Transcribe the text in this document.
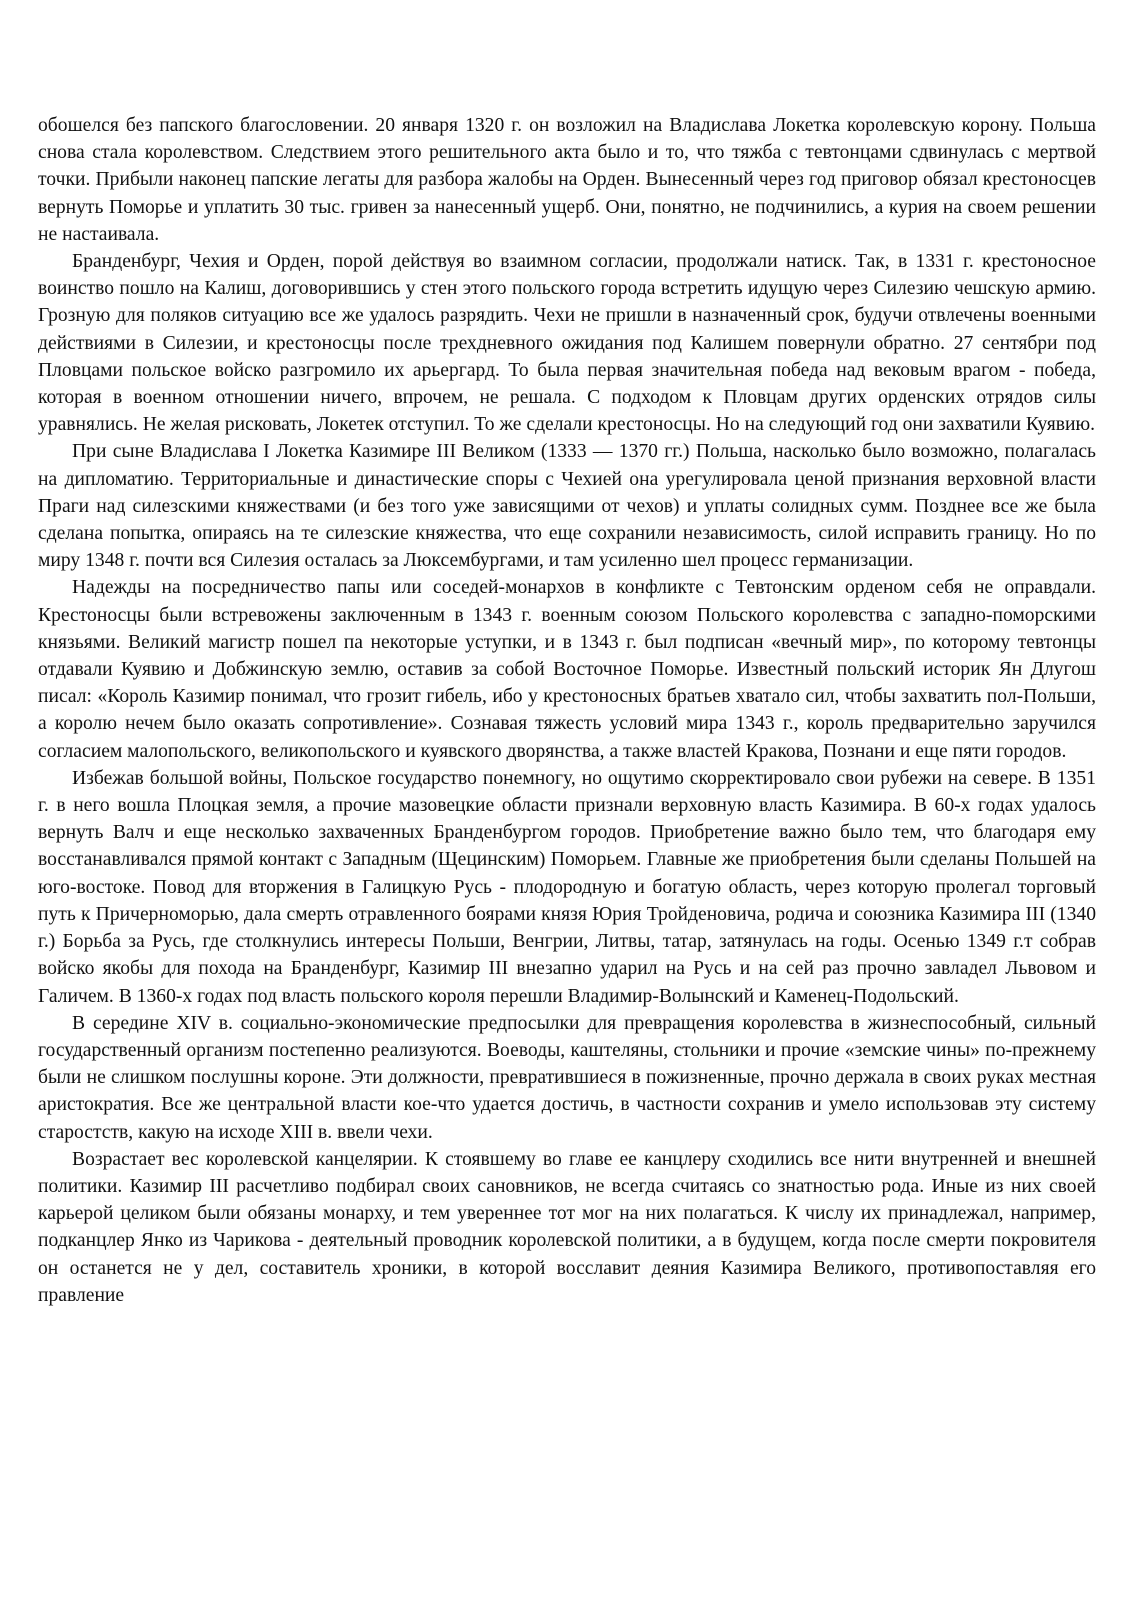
обошелся без папского благословении. 20 января 1320 г. он возложил на Владислава Локетка королевскую корону. Польша снова стала королевством. Следствием этого решительного акта было и то, что тяжба с тевтонцами сдвинулась с мертвой точки. Прибыли наконец папские легаты для разбора жалобы на Орден. Вынесенный через год приговор обязал крестоносцев вернуть Поморье и уплатить 30 тыс. гривен за нанесенный ущерб. Они, понятно, не подчинились, а курия на своем решении не настаивала.

Бранденбург, Чехия и Орден, порой действуя во взаимном согласии, продолжали натиск. Так, в 1331 г. крестоносное воинство пошло на Калиш, договорившись у стен этого польского города встретить идущую через Силезию чешскую армию. Грозную для поляков ситуацию все же удалось разрядить. Чехи не пришли в назначенный срок, будучи отвлечены военными действиями в Силезии, и крестоносцы после трехдневного ожидания под Калишем повернули обратно. 27 сентябри под Пловцами польское войско разгромило их арьергард. То была первая значительная победа над вековым врагом - победа, которая в военном отношении ничего, впрочем, не решала. С подходом к Пловцам других орденских отрядов силы уравнялись. Не желая рисковать, Локетек отступил. То же сделали крестоносцы. Но на следующий год они захватили Куявию.

При сыне Владислава I Локетка Казимире III Великом (1333 — 1370 гг.) Польша, насколько было возможно, полагалась на дипломатию. Территориальные и династические споры с Чехией она урегулировала ценой признания верховной власти Праги над силезскими княжествами (и без того уже зависящими от чехов) и уплаты солидных сумм. Позднее все же была сделана попытка, опираясь на те силезские княжества, что еще сохранили независимость, силой исправить границу. Но по миру 1348 г. почти вся Силезия осталась за Люксембургами, и там усиленно шел процесс германизации.

Надежды на посредничество папы или соседей-монархов в конфликте с Тевтонским орденом себя не оправдали. Крестоносцы были встревожены заключенным в 1343 г. военным союзом Польского королевства с западно-поморскими князьями. Великий магистр пошел па некоторые уступки, и в 1343 г. был подписан «вечный мир», по которому тевтонцы отдавали Куявию и Добжинскую землю, оставив за собой Восточное Поморье. Известный польский историк Ян Длугош писал: «Король Казимир понимал, что грозит гибель, ибо у крестоносных братьев хватало сил, чтобы захватить пол-Польши, а королю нечем было оказать сопротивление». Сознавая тяжесть условий мира 1343 г., король предварительно заручился согласием малопольского, великопольского и куявского дворянства, а также властей Кракова, Познани и еще пяти городов.

Избежав большой войны, Польское государство понемногу, но ощутимо скорректировало свои рубежи на севере. В 1351 г. в него вошла Плоцкая земля, а прочие мазовецкие области признали верховную власть Казимира. В 60-х годах удалось вернуть Валч и еще несколько захваченных Бранденбургом городов. Приобретение важно было тем, что благодаря ему восстанавливался прямой контакт с Западным (Щецинским) Поморьем. Главные же приобретения были сделаны Польшей на юго-востоке. Повод для вторжения в Галицкую Русь - плодородную и богатую область, через которую пролегал торговый путь к Причерноморью, дала смерть отравленного боярами князя Юрия Тройденовича, родича и союзника Казимира III (1340 г.) Борьба за Русь, где столкнулись интересы Польши, Венгрии, Литвы, татар, затянулась на годы. Осенью 1349 г.т собрав войско якобы для похода на Бранденбург, Казимир III внезапно ударил на Русь и на сей раз прочно завладел Львовом и Галичем. В 1360-х годах под власть польского короля перешли Владимир-Волынский и Каменец-Подольский.

В середине XIV в. социально-экономические предпосылки для превращения королевства в жизнеспособный, сильный государственный организм постепенно реализуются. Воеводы, каштеляны, стольники и прочие «земские чины» по-прежнему были не слишком послушны короне. Эти должности, превратившиеся в пожизненные, прочно держала в своих руках местная аристократия. Все же центральной власти кое-что удается достичь, в частности сохранив и умело использовав эту систему старостств, какую на исходе XIII в. ввели чехи.

Возрастает вес королевской канцелярии. К стоявшему во главе ее канцлеру сходились все нити внутренней и внешней политики. Казимир III расчетливо подбирал своих сановников, не всегда считаясь со знатностью рода. Иные из них своей карьерой целиком были обязаны монарху, и тем увереннее тот мог на них полагаться. К числу их принадлежал, например, подканцлер Янко из Чарикова - деятельный проводник королевской политики, а в будущем, когда после смерти покровителя он останется не у дел, составитель хроники, в которой восславит деяния Казимира Великого, противопоставляя его правление
